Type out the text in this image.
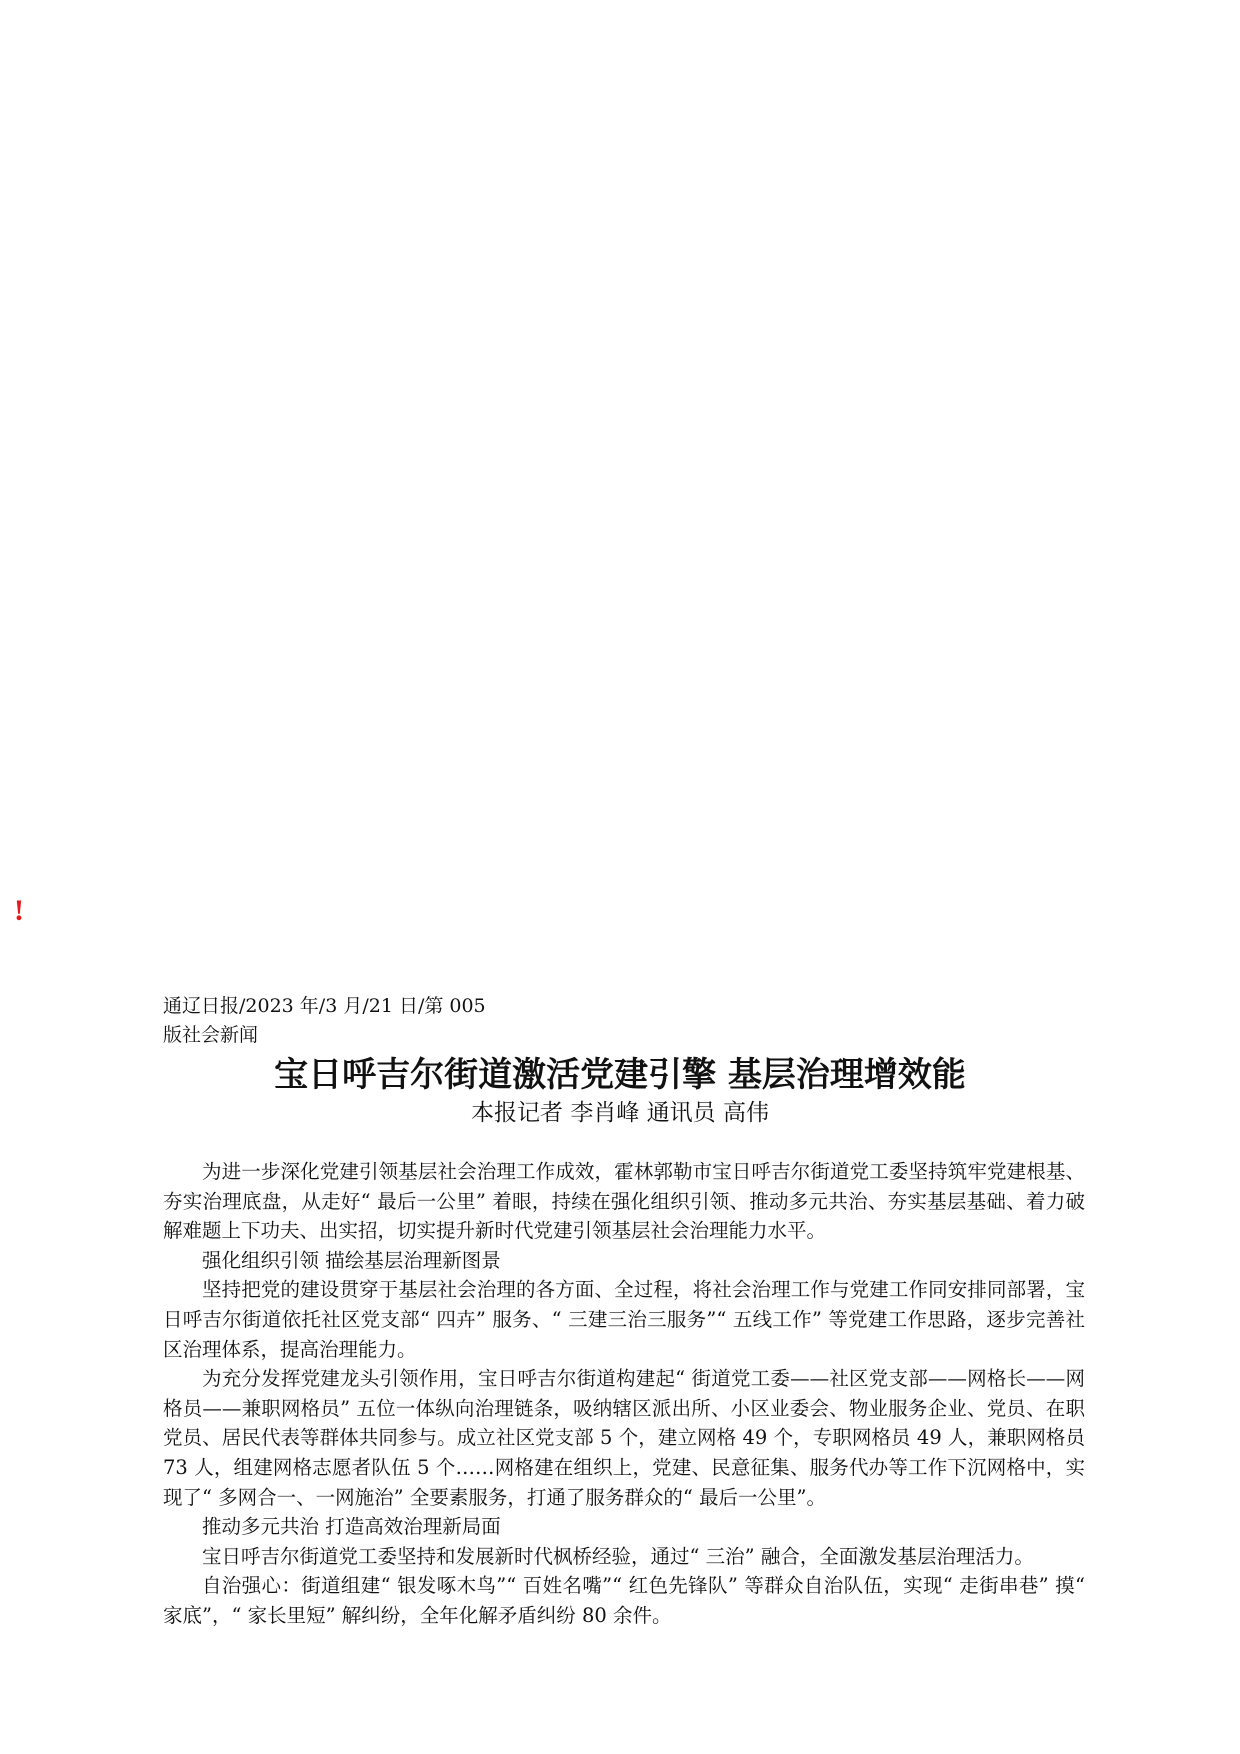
!
通辽日报/2023 年/3 月/21 日/第 005
版社会新闻
宝日呼吉尔街道激活党建引擎 基层治理增效能
本报记者 李肖峰 通讯员 高伟

为进一步深化党建引领基层社会治理工作成效，霍林郭勒市宝日呼吉尔街道党工委坚持筑牢党建根基、夯实治理底盘，从走好“ 最后一公里” 着眼，持续在强化组织引领、推动多元共治、夯实基层基础、着力破解难题上下功夫、出实招，切实提升新时代党建引领基层社会治理能力水平。

强化组织引领 描绘基层治理新图景

坚持把党的建设贯穿于基层社会治理的各方面、全过程，将社会治理工作与党建工作同安排同部署，宝日呼吉尔街道依托社区党支部“ 四卉” 服务、“ 三建三治三服务”“ 五线工作” 等党建工作思路，逐步完善社区治理体系，提高治理能力。

为充分发挥党建龙头引领作用，宝日呼吉尔街道构建起“ 街道党工委——社区党支部——网格长——网格员——兼职网格员” 五位一体纵向治理链条，吸纳辖区派出所、小区业委会、物业服务企业、党员、在职党员、居民代表等群体共同参与。成立社区党支部 5 个，建立网格 49 个，专职网格员 49 人，兼职网格员 73 人，组建网格志愿者队伍 5 个……网格建在组织上，党建、民意征集、服务代办等工作下沉网格中，实现了“ 多网合一、一网施治” 全要素服务，打通了服务群众的“ 最后一公里”。

推动多元共治 打造高效治理新局面

宝日呼吉尔街道党工委坚持和发展新时代枫桥经验，通过“ 三治” 融合，全面激发基层治理活力。

自治强心：街道组建“ 银发啄木鸟”“ 百姓名嘴”“ 红色先锋队” 等群众自治队伍，实现“ 走街串巷” 摸“ 家底”，“ 家长里短” 解纠纷，全年化解矛盾纠纷 80 余件。
